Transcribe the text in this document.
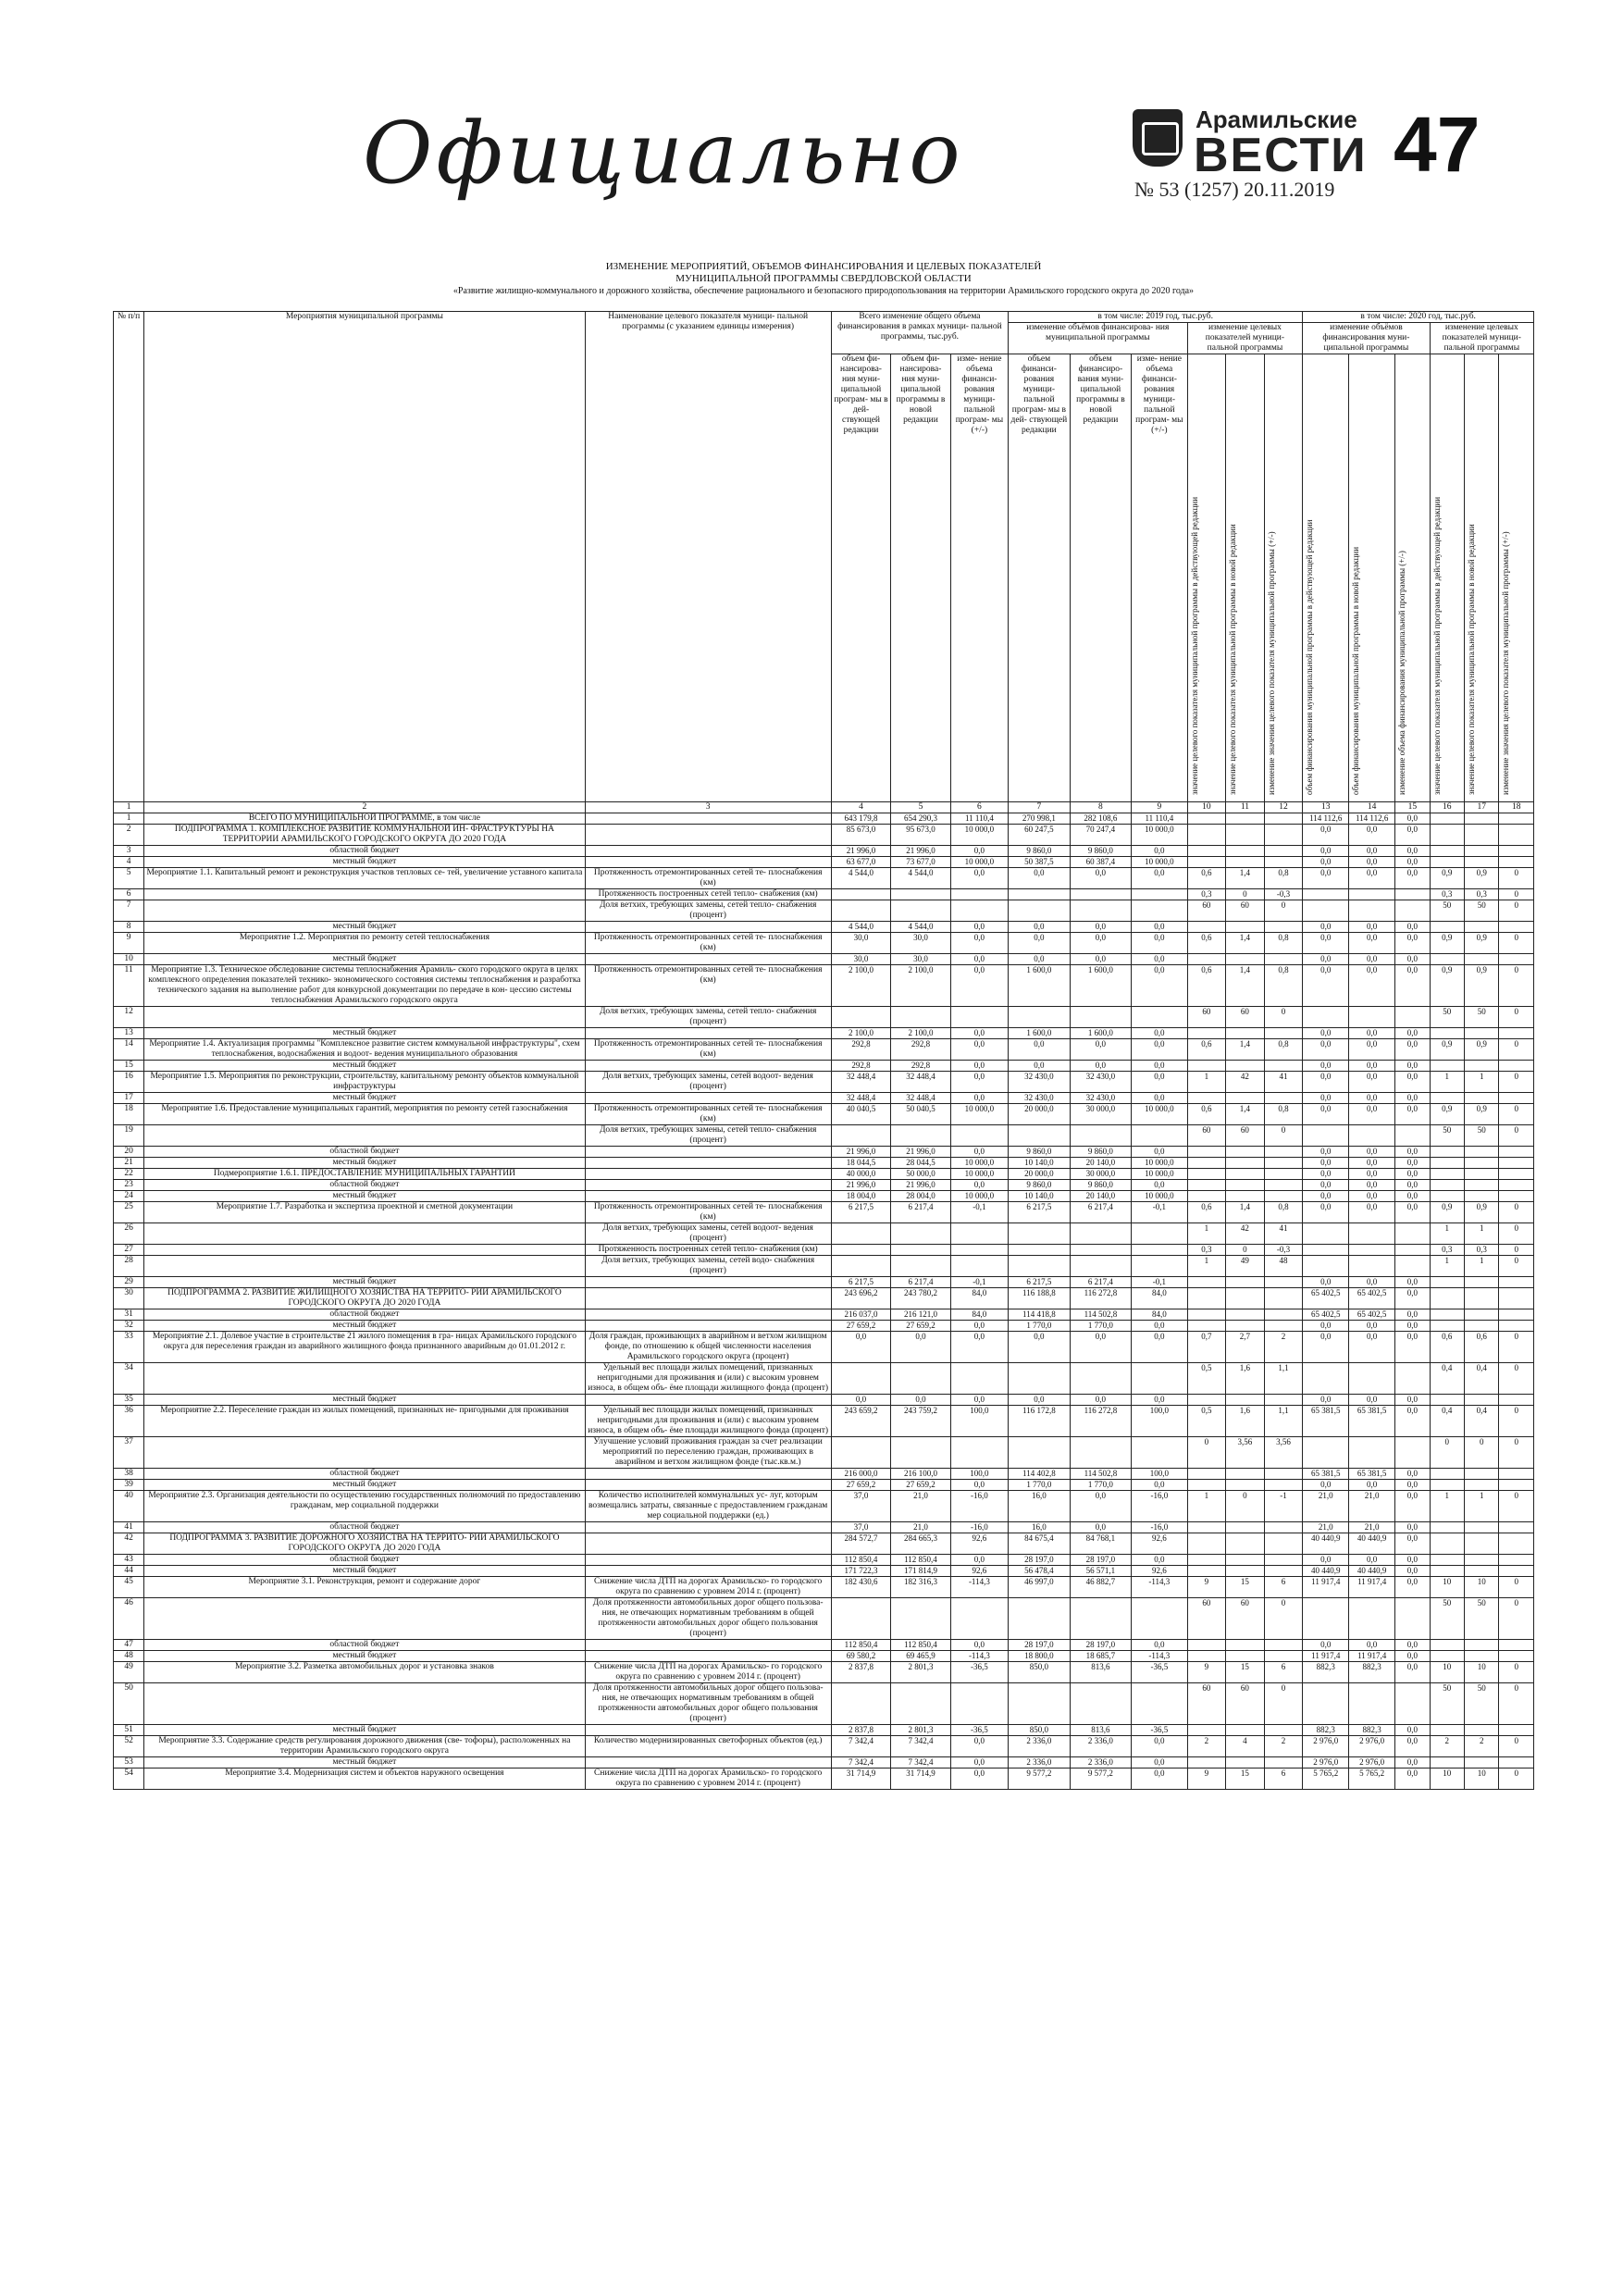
Официально	Арамильские
ВЕСТИ
№ 53 (1257) 20.11.2019
47
ИЗМЕНЕНИЕ МЕРОПРИЯТИЙ, ОБЪЕМОВ ФИНАНСИРОВАНИЯ И ЦЕЛЕВЫХ ПОКАЗАТЕЛЕЙ
МУНИЦИПАЛЬНОЙ ПРОГРАММЫ СВЕРДЛОВСКОЙ ОБЛАСТИ
«Развитие жилищно-коммунального и дорожного хозяйства, обеспечение рационального и безопасного природопользования на территории Арамильского городского округа до 2020 года»
№ п/п	Мероприятия муниципальной программы	Наименование целевого показателя муници- пальной программы (с указанием единицы измерения)	Всего изменение общего объема финансирования в рамках муници- пальной программы, тыс.руб.			в том числе: 2019 год, тыс.руб.						в том числе: 2020 год, тыс.руб.					
						изменение объёмов финансирова- ния муниципальной программы			изменение целевых показателей муници- пальной программы			изменение объёмов финансирования муни- ципальной программы			изменение целевых показателей муници- пальной программы		
			объем фи- нансирова- ния муни- ципальной програм- мы в дей- ствующей редакции	объем фи- нансирова- ния муни- ципальной программы в новой редакции	изме- нение объема финанси- рования муници- пальной програм- мы (+/-)	объем финанси- рования муници- пальной програм- мы в дей- ствующей редакции	объем финансиро- вания муни- ципальной программы в новой редакции	изме- нение объема финанси- рования муници- пальной програм- мы (+/-)	значение целевого показателя муниципальной программы в действующей редакции	значение целевого показателя муниципальной программы в новой редакции	изменение значения целевого показателя муниципальной программы (+/-)	объем финансирования муниципальной программы в действующей редакции	объем финансирования муниципальной программы в новой редакции	изменение объема финансирования муниципальной программы (+/-)	значение целевого показателя муниципальной программы в действующей редакции	значение целевого показателя муниципальной программы в новой редакции	изменение значения целевого показателя муниципальной программы (+/-)

1	2	3	4	5	6	7	8	9	10	11	12	13	14	15	16	17	18
1	ВСЕГО ПО МУНИЦИПАЛЬНОЙ ПРОГРАММЕ, в том числе		643 179,8	654 290,3	11 110,4	270 998,1	282 108,6	11 110,4				114 112,6	114 112,6	0,0			
2	ПОДПРОГРАММА 1. КОМПЛЕКСНОЕ РАЗВИТИЕ КОММУНАЛЬНОЙ ИН- ФРАСТРУКТУРЫ НА ТЕРРИТОРИИ АРАМИЛЬСКОГО ГОРОДСКОГО ОКРУГА ДО 2020 ГОДА		85 673,0	95 673,0	10 000,0	60 247,5	70 247,4	10 000,0				0,0	0,0	0,0			
3	областной бюджет		21 996,0	21 996,0	0,0	9 860,0	9 860,0	0,0				0,0	0,0	0,0			
4	местный бюджет		63 677,0	73 677,0	10 000,0	50 387,5	60 387,4	10 000,0				0,0	0,0	0,0			
5	Мероприятие 1.1. Капитальный ремонт и реконструкция участков тепловых се- тей, увеличение уставного капитала	Протяженность отремонтированных сетей те- плоснабжения (км)	4 544,0	4 544,0	0,0	0,0	0,0	0,0	0,6	1,4	0,8	0,0	0,0	0,0	0,9	0,9	0
6		Протяженность построенных сетей тепло- снабжения (км)							0,3	0	-0,3				0,3	0,3	0
7		Доля ветхих, требующих замены, сетей тепло- снабжения (процент)							60	60	0				50	50	0
8	местный бюджет		4 544,0	4 544,0	0,0	0,0	0,0	0,0				0,0	0,0	0,0			
9	Мероприятие 1.2. Мероприятия по ремонту сетей теплоснабжения	Протяженность отремонтированных сетей те- плоснабжения (км)	30,0	30,0	0,0	0,0	0,0	0,0	0,6	1,4	0,8	0,0	0,0	0,0	0,9	0,9	0
10	местный бюджет		30,0	30,0	0,0	0,0	0,0	0,0				0,0	0,0	0,0			
11	Мероприятие 1.3. Техническое обследование системы теплоснабжения Арамиль- ского городского округа в целях комплексного определения показателей технико- экономического состояния системы теплоснабжения и разработка технического задания на выполнение работ для конкурсной документации по передаче в кон- цессию системы теплоснабжения Арамильского городского округа	Протяженность отремонтированных сетей те- плоснабжения (км)	2 100,0	2 100,0	0,0	1 600,0	1 600,0	0,0	0,6	1,4	0,8	0,0	0,0	0,0	0,9	0,9	0
12		Доля ветхих, требующих замены, сетей тепло- снабжения (процент)							60	60	0				50	50	0
13	местный бюджет		2 100,0	2 100,0	0,0	1 600,0	1 600,0	0,0				0,0	0,0	0,0			
14	Мероприятие 1.4. Актуализация программы "Комплексное развитие систем коммунальной инфраструктуры", схем теплоснабжения, водоснабжения и водоот- ведения муниципального образования	Протяженность отремонтированных сетей те- плоснабжения (км)	292,8	292,8	0,0	0,0	0,0	0,0	0,6	1,4	0,8	0,0	0,0	0,0	0,9	0,9	0
15	местный бюджет		292,8	292,8	0,0	0,0	0,0	0,0				0,0	0,0	0,0			
16	Мероприятие 1.5. Мероприятия по реконструкции, строительству, капитальному ремонту объектов коммунальной инфраструктуры	Доля ветхих, требующих замены, сетей водоот- ведения (процент)	32 448,4	32 448,4	0,0	32 430,0	32 430,0	0,0	1	42	41	0,0	0,0	0,0	1	1	0
17	местный бюджет		32 448,4	32 448,4	0,0	32 430,0	32 430,0	0,0				0,0	0,0	0,0			
18	Мероприятие 1.6. Предоставление муниципальных гарантий, мероприятия по ремонту сетей газоснабжения	Протяженность отремонтированных сетей те- плоснабжения (км)	40 040,5	50 040,5	10 000,0	20 000,0	30 000,0	10 000,0	0,6	1,4	0,8	0,0	0,0	0,0	0,9	0,9	0
19		Доля ветхих, требующих замены, сетей тепло- снабжения (процент)							60	60	0				50	50	0
20	областной бюджет		21 996,0	21 996,0	0,0	9 860,0	9 860,0	0,0				0,0	0,0	0,0			
21	местный бюджет		18 044,5	28 044,5	10 000,0	10 140,0	20 140,0	10 000,0				0,0	0,0	0,0			
22	Подмероприятие 1.6.1. ПРЕДОСТАВЛЕНИЕ МУНИЦИПАЛЬНЫХ ГАРАНТИЙ		40 000,0	50 000,0	10 000,0	20 000,0	30 000,0	10 000,0				0,0	0,0	0,0			
23	областной бюджет		21 996,0	21 996,0	0,0	9 860,0	9 860,0	0,0				0,0	0,0	0,0			
24	местный бюджет		18 004,0	28 004,0	10 000,0	10 140,0	20 140,0	10 000,0				0,0	0,0	0,0			
25	Мероприятие 1.7. Разработка и экспертиза проектной и сметной документации	Протяженность отремонтированных сетей те- плоснабжения (км)	6 217,5	6 217,4	-0,1	6 217,5	6 217,4	-0,1	0,6	1,4	0,8	0,0	0,0	0,0	0,9	0,9	0
26		Доля ветхих, требующих замены, сетей водоот- ведения (процент)							1	42	41				1	1	0
27		Протяженность построенных сетей тепло- снабжения (км)							0,3	0	-0,3				0,3	0,3	0
28		Доля ветхих, требующих замены, сетей водо- снабжения (процент)							1	49	48				1	1	0
29	местный бюджет		6 217,5	6 217,4	-0,1	6 217,5	6 217,4	-0,1				0,0	0,0	0,0			
30	ПОДПРОГРАММА 2. РАЗВИТИЕ ЖИЛИЩНОГО ХОЗЯЙСТВА НА ТЕРРИТО- РИИ АРАМИЛЬСКОГО ГОРОДСКОГО ОКРУГА ДО 2020 ГОДА		243 696,2	243 780,2	84,0	116 188,8	116 272,8	84,0				65 402,5	65 402,5	0,0			
31	областной бюджет		216 037,0	216 121,0	84,0	114 418,8	114 502,8	84,0				65 402,5	65 402,5	0,0			
32	местный бюджет		27 659,2	27 659,2	0,0	1 770,0	1 770,0	0,0				0,0	0,0	0,0			
33	Мероприятие 2.1. Долевое участие в строительстве 21 жилого помещения в гра- ницах Арамильского городского округа для переселения граждан из аварийного жилищного фонда признанного аварийным до 01.01.2012 г.	Доля граждан, проживающих в аварийном и ветхом жилищном фонде, по отношению к общей численности населения Арамильского городского округа (процент)	0,0	0,0	0,0	0,0	0,0	0,0	0,7	2,7	2	0,0	0,0	0,0	0,6	0,6	0
34		Удельный вес площади жилых помещений, признанных непригодными для проживания и (или) с высоким уровнем износа, в общем объ- ёме площади жилищного фонда (процент)							0,5	1,6	1,1				0,4	0,4	0
35	местный бюджет		0,0	0,0	0,0	0,0	0,0	0,0				0,0	0,0	0,0			
36	Мероприятие 2.2. Переселение граждан из жилых помещений, признанных не- пригодными для проживания	Удельный вес площади жилых помещений, признанных непригодными для проживания и (или) с высоким уровнем износа, в общем объ- ёме площади жилищного фонда (процент)	243 659,2	243 759,2	100,0	116 172,8	116 272,8	100,0	0,5	1,6	1,1	65 381,5	65 381,5	0,0	0,4	0,4	0
37		Улучшение условий проживания граждан за счет реализации мероприятий по переселению граждан, проживающих в аварийном и ветхом жилищном фонде (тыс.кв.м.)							0	3,56	3,56				0	0	0
38	областной бюджет		216 000,0	216 100,0	100,0	114 402,8	114 502,8	100,0				65 381,5	65 381,5	0,0			
39	местный бюджет		27 659,2	27 659,2	0,0	1 770,0	1 770,0	0,0				0,0	0,0	0,0			
40	Мероприятие 2.3. Организация деятельности по осуществлению государственных полномочий по предоставлению гражданам, мер социальной поддержки	Количество исполнителей коммунальных ус- луг, которым возмещались затраты, связанные с предоставлением гражданам мер социальной поддержки (ед.)	37,0	21,0	-16,0	16,0	0,0	-16,0	1	0	-1	21,0	21,0	0,0	1	1	0
41	областной бюджет		37,0	21,0	-16,0	16,0	0,0	-16,0				21,0	21,0	0,0			
42	ПОДПРОГРАММА 3. РАЗВИТИЕ ДОРОЖНОГО ХОЗЯЙСТВА НА ТЕРРИТО- РИИ АРАМИЛЬСКОГО ГОРОДСКОГО ОКРУГА ДО 2020 ГОДА		284 572,7	284 665,3	92,6	84 675,4	84 768,1	92,6				40 440,9	40 440,9	0,0			
43	областной бюджет		112 850,4	112 850,4	0,0	28 197,0	28 197,0	0,0				0,0	0,0	0,0			
44	местный бюджет		171 722,3	171 814,9	92,6	56 478,4	56 571,1	92,6				40 440,9	40 440,9	0,0			
45	Мероприятие 3.1. Реконструкция, ремонт и содержание дорог	Снижение числа ДТП на дорогах Арамильско- го городского округа по сравнению с уровнем 2014 г. (процент)	182 430,6	182 316,3	-114,3	46 997,0	46 882,7	-114,3	9	15	6	11 917,4	11 917,4	0,0	10	10	0
46		Доля протяженности автомобильных дорог общего пользова- ния, не отвечающих нормативным требованиям в общей протяженности автомобильных дорог общего пользования (процент)							60	60	0				50	50	0
47	областной бюджет		112 850,4	112 850,4	0,0	28 197,0	28 197,0	0,0				0,0	0,0	0,0			
48	местный бюджет		69 580,2	69 465,9	-114,3	18 800,0	18 685,7	-114,3				11 917,4	11 917,4	0,0			
49	Мероприятие 3.2. Разметка автомобильных дорог и установка знаков	Снижение числа ДТП на дорогах Арамильско- го городского округа по сравнению с уровнем 2014 г. (процент)	2 837,8	2 801,3	-36,5	850,0	813,6	-36,5	9	15	6	882,3	882,3	0,0	10	10	0
50		Доля протяженности автомобильных дорог общего пользова- ния, не отвечающих нормативным требованиям в общей протяженности автомобильных дорог общего пользования (процент)							60	60	0				50	50	0
51	местный бюджет		2 837,8	2 801,3	-36,5	850,0	813,6	-36,5				882,3	882,3	0,0			
52	Мероприятие 3.3. Содержание средств регулирования дорожного движения (све- тофоры), расположенных на территории Арамильского городского округа	Количество модернизированных светофорных объектов (ед.)	7 342,4	7 342,4	0,0	2 336,0	2 336,0	0,0	2	4	2	2 976,0	2 976,0	0,0	2	2	0
53	местный бюджет		7 342,4	7 342,4	0,0	2 336,0	2 336,0	0,0				2 976,0	2 976,0	0,0			
54	Мероприятие 3.4. Модернизация систем и объектов наружного освещения	Снижение числа ДТП на дорогах Арамильско- го городского округа по сравнению с уровнем 2014 г. (процент)	31 714,9	31 714,9	0,0	9 577,2	9 577,2	0,0	9	15	6	5 765,2	5 765,2	0,0	10	10	0
